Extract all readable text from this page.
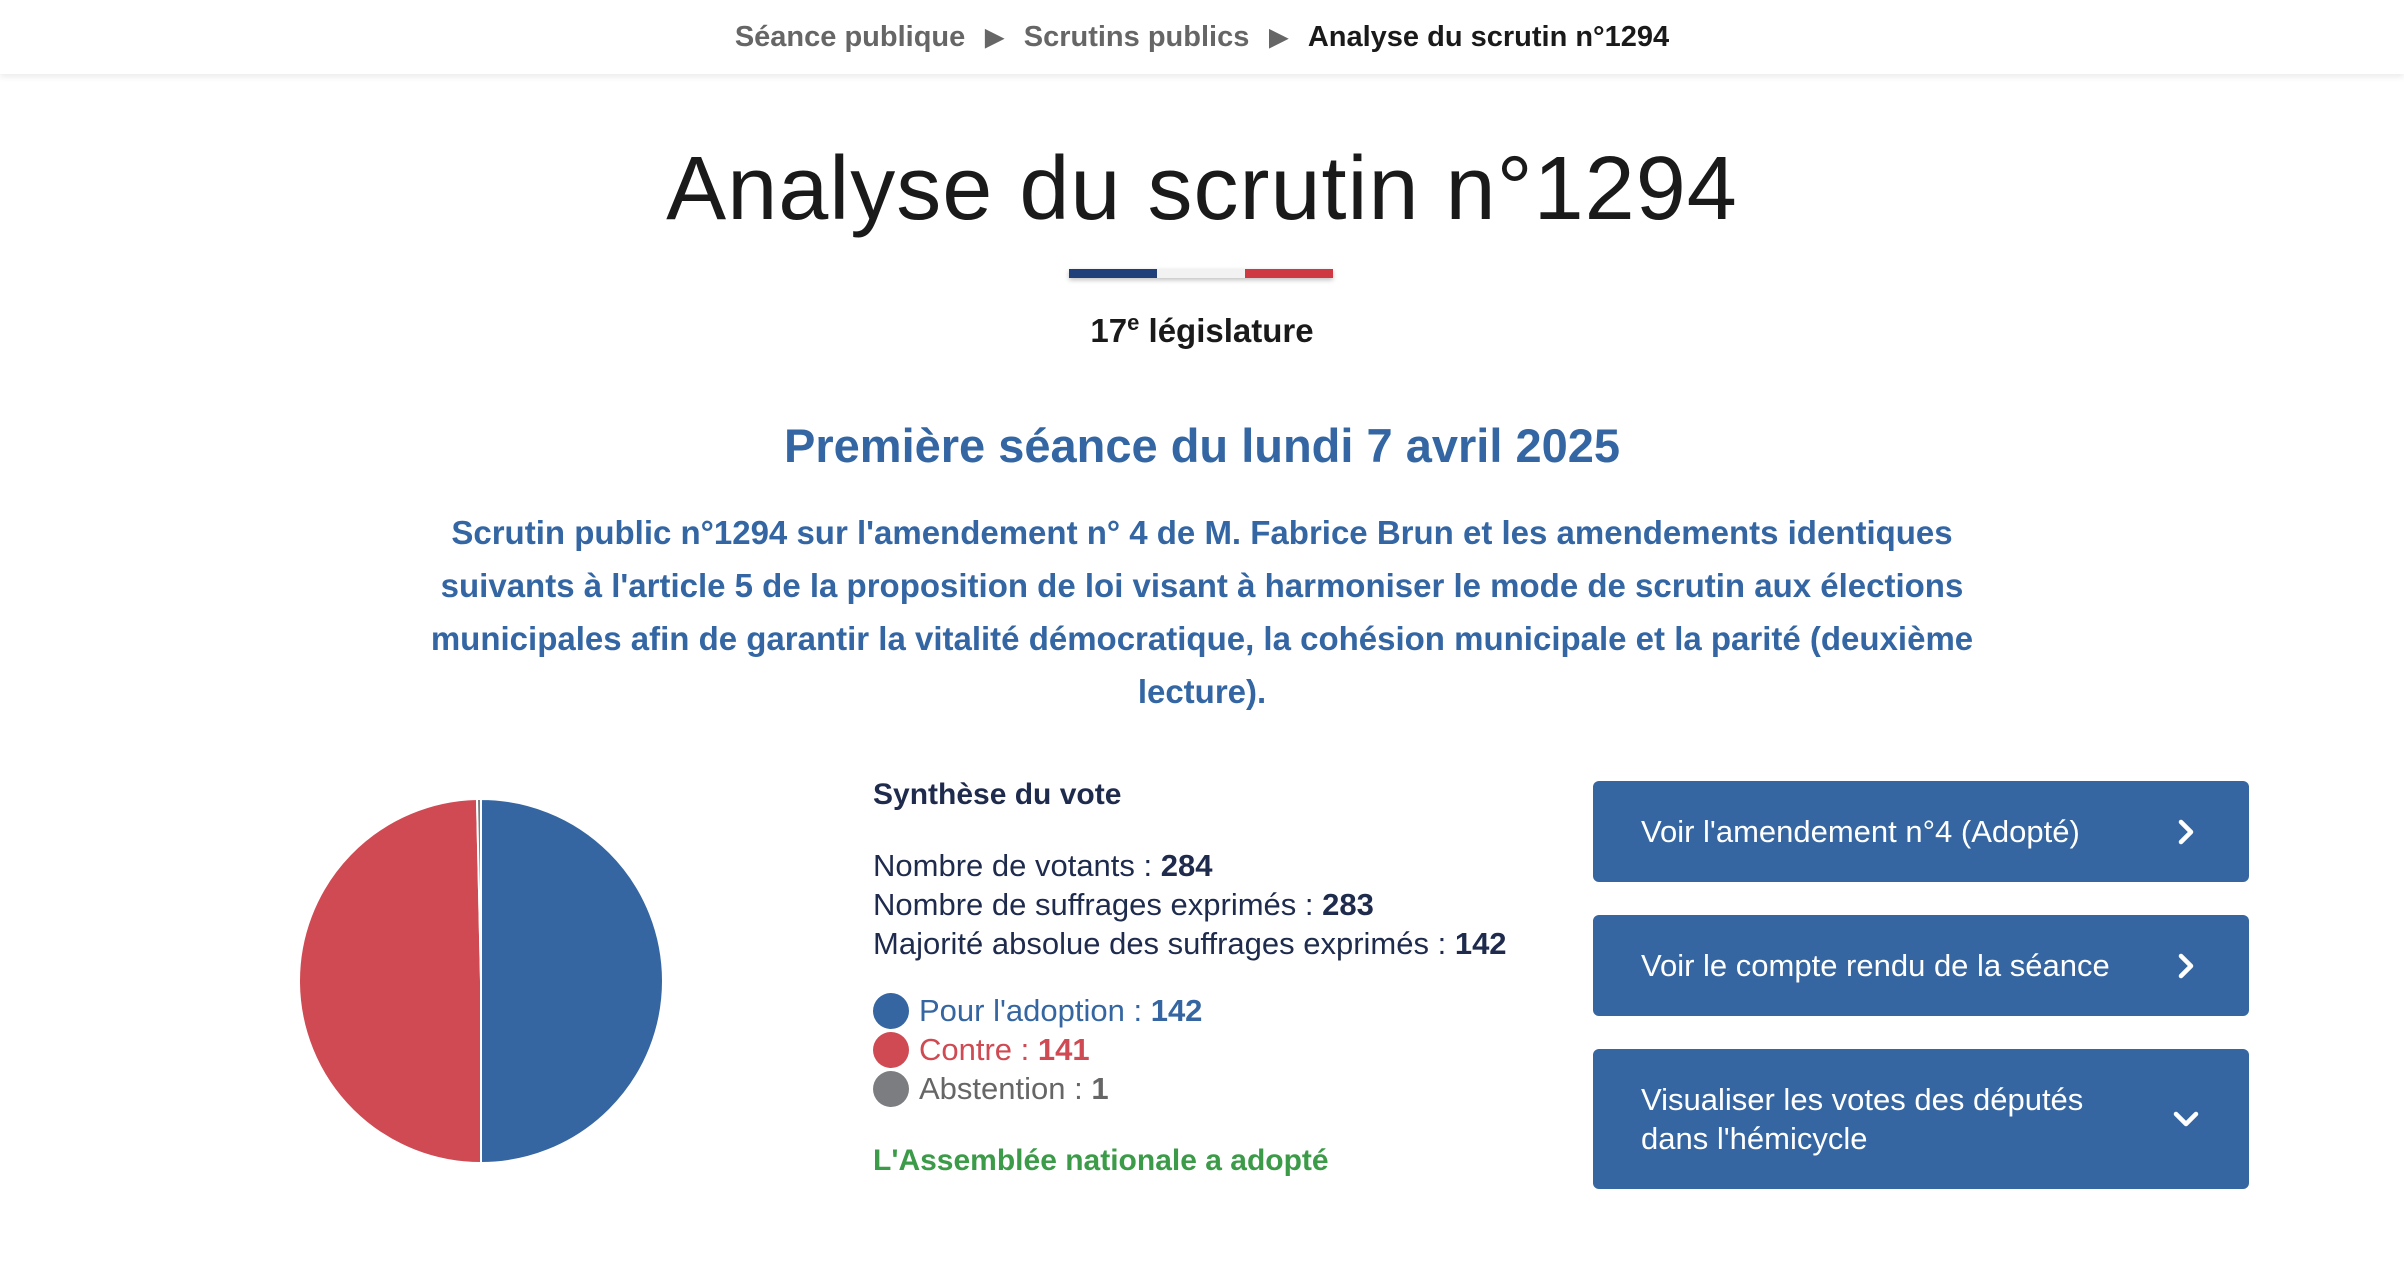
Séance publique ▶ Scrutins publics ▶ Analyse du scrutin n°1294
Analyse du scrutin n°1294
17e législature
Première séance du lundi 7 avril 2025

Scrutin public n°1294 sur l'amendement n° 4 de M. Fabrice Brun et les amendements identiques suivants à l'article 5 de la proposition de loi visant à harmoniser le mode de scrutin aux élections municipales afin de garantir la vitalité démocratique, la cohésion municipale et la parité (deuxième lecture).

Synthèse du vote
Nombre de votants : 284
Nombre de suffrages exprimés : 283
Majorité absolue des suffrages exprimés : 142
Pour l'adoption :
142
Contre :
141
Abstention :
1
L'Assemblée nationale a adopté
Voir l'amendement n°4 (Adopté)
Voir le compte rendu de la séance
Visualiser les votes des députés dans l'hémicycle
